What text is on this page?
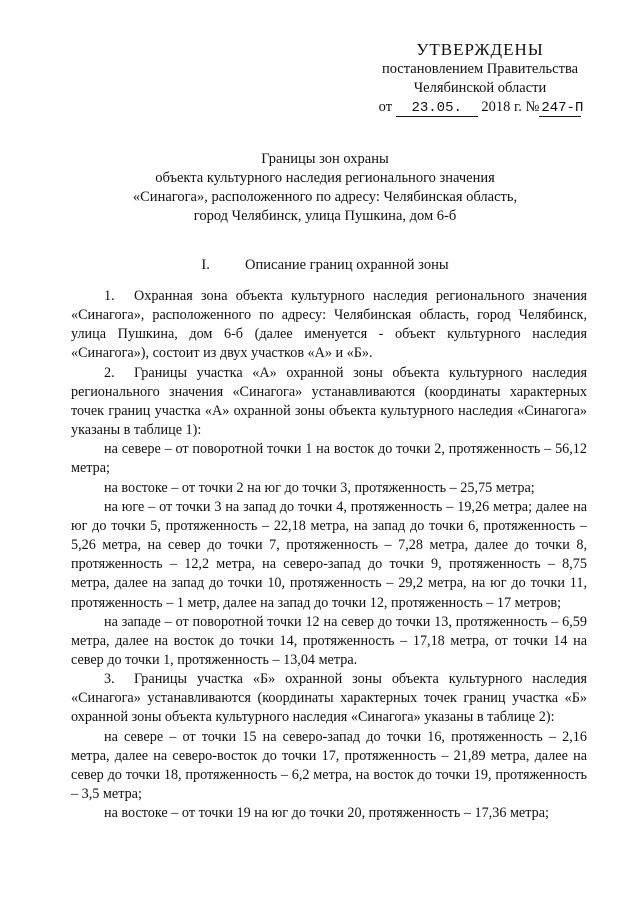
УТВЕРЖДЕНЫ
постановлением Правительства
Челябинской области
от 23.05. 2018 г. № 247-П
Границы зон охраны
объекта культурного наследия регионального значения
«Синагога», расположенного по адресу: Челябинская область,
город Челябинск, улица Пушкина, дом 6-б
I. Описание границ охранной зоны

1. Охранная зона объекта культурного наследия регионального значения «Синагога», расположенного по адресу: Челябинская область, город Челябинск, улица Пушкина, дом 6-б (далее именуется - объект культурного наследия «Синагога»), состоит из двух участков «А» и «Б».

2. Границы участка «А» охранной зоны объекта культурного наследия регионального значения «Синагога» устанавливаются (координаты характерных точек границ участка «А» охранной зоны объекта культурного наследия «Синагога» указаны в таблице 1):

на севере – от поворотной точки 1 на восток до точки 2, протяженность – 56,12 метра;

на востоке – от точки 2 на юг до точки 3, протяженность – 25,75 метра;

на юге – от точки 3 на запад до точки 4, протяженность – 19,26 метра; далее на юг до точки 5, протяженность – 22,18 метра, на запад до точки 6, протяженность – 5,26 метра, на север до точки 7, протяженность – 7,28 метра, далее до точки 8, протяженность – 12,2 метра, на северо-запад до точки 9, протяженность – 8,75 метра, далее на запад до точки 10, протяженность – 29,2 метра, на юг до точки 11, протяженность – 1 метр, далее на запад до точки 12, протяженность – 17 метров;

на западе – от поворотной точки 12 на север до точки 13, протяженность – 6,59 метра, далее на восток до точки 14, протяженность – 17,18 метра, от точки 14 на север до точки 1, протяженность – 13,04 метра.

3. Границы участка «Б» охранной зоны объекта культурного наследия «Синагога» устанавливаются (координаты характерных точек границ участка «Б» охранной зоны объекта культурного наследия «Синагога» указаны в таблице 2):

на севере – от точки 15 на северо-запад до точки 16, протяженность – 2,16 метра, далее на северо-восток до точки 17, протяженность – 21,89 метра, далее на север до точки 18, протяженность – 6,2 метра, на восток до точки 19, протяженность – 3,5 метра;

на востоке – от точки 19 на юг до точки 20, протяженность – 17,36 метра;
